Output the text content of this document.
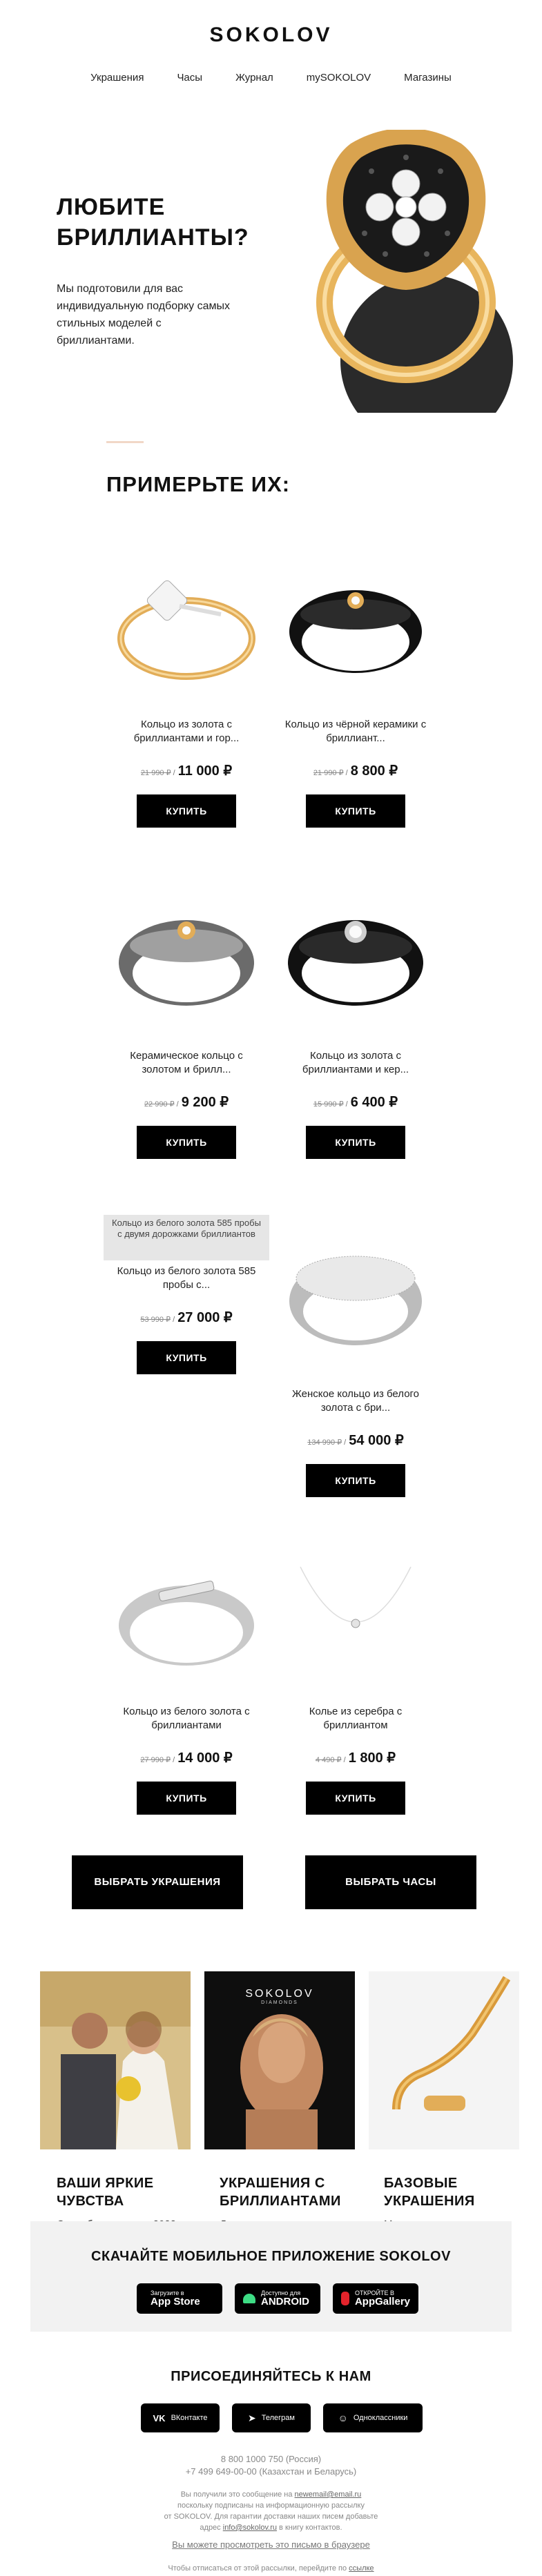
SOKOLOV
Украшения	Часы	Журнал	mySOKOLOV	Магазины
ЛЮБИТЕ
БРИЛЛИАНТЫ?
Мы подготовили для вас индивидуальную подборку самых стильных моделей с бриллиантами.
ПРИМЕРЬТЕ ИХ:
Кольцо из золота с бриллиантами и гор...
21 990 ₽ / 11 000 ₽
КУПИТЬ
Кольцо из чёрной керамики с бриллиант...
21 990 ₽ / 8 800 ₽
КУПИТЬ
Керамическое кольцо с золотом и брилл...
22 990 ₽ / 9 200 ₽
КУПИТЬ
Кольцо из золота с бриллиантами и кер...
15 990 ₽ / 6 400 ₽
КУПИТЬ
Кольцо из белого золота 585 пробы с двумя дорожками бриллиантов
Кольцо из белого золота 585 пробы с...
53 990 ₽ / 27 000 ₽
КУПИТЬ
Женское кольцо из белого золота с бри...
134 990 ₽ / 54 000 ₽
КУПИТЬ
Кольцо из белого золота с бриллиантами
27 990 ₽ / 14 000 ₽
КУПИТЬ
Колье из серебра с бриллиантом
4 490 ₽ / 1 800 ₽
КУПИТЬ
ВЫБРАТЬ УКРАШЕНИЯ	ВЫБРАТЬ ЧАСЫ
SOKOLOV
DIAMONDS
ВАШИ ЯРКИЕ ЧУВСТВА
УКРАШЕНИЯ С БРИЛЛИАНТАМИ
БАЗОВЫЕ УКРАШЕНИЯ
СКАЧАЙТЕ МОБИЛЬНОЕ ПРИЛОЖЕНИЕ SOKOLOV
Загрузите в
App Store
Доступно для
ANDROID
ОТКРОЙТЕ В
AppGallery
ПРИСОЕДИНЯЙТЕСЬ К НАМ
VK ВКонтакте	➤ Телеграм	☺ Одноклассники
8 800 1000 750 (Россия)
+7 499 649-00-00 (Казахстан и Беларусь)
Вы получили это сообщение на newemail@email.ru
поскольку подписаны на информационную рассылку
от SOKOLOV. Для гарантии доставки наших писем добавьте
адрес info@sokolov.ru в книгу контактов.
Вы можете просмотреть это письмо в браузере
Чтобы отписаться от этой рассылки, перейдите по ссылке
